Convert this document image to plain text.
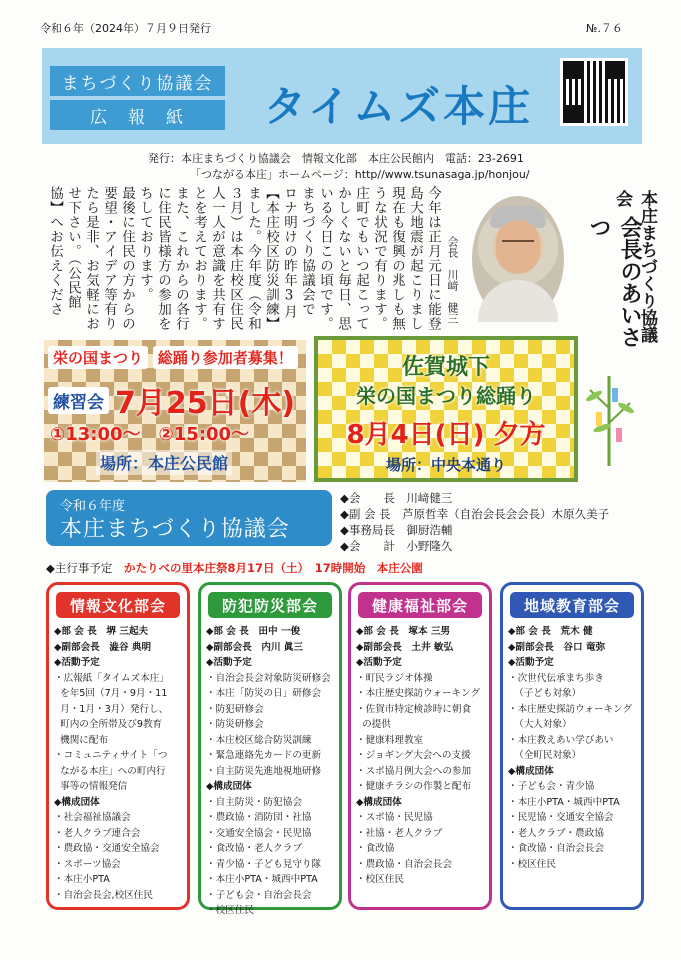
令和６年（2024年）７月９日発行	№.７６
まちづくり協議会
広　報　紙	タイムズ本庄
発行：本庄まちづくり協議会　情報文化部　本庄公民館内　電話：23-2691
「つながる本庄」ホームページ：http//www.tsunasaga.jp/honjou/
今年は正月元日に能登
島大地震が起こりまし
現在も復興の兆しも無
うな状況で有ります。
庄町でもいつ起こって
かしくないと毎日、思
いる今日この頃です。
まちづくり協議会で
ロナ明けの昨年3月
【本庄校区防災訓練】
ました。今年度（令和
３月）は本庄校区住民
人一人が意識を共有す
とを考えております。
また、これからの各行
に住民皆様方の参加を
ちしております。
最後に住民の方からの
要望・アイデア等有り
たら是非、お気軽にお
せ下さい。（公民館
協】へお伝えくださ	会長　川﨑　健三	本庄まちづくり協議会
会長のあいさつ
栄の国まつり 総踊り参加者募集！
練習会 7月25日(木)
①13:00～　②15:00～
場所：本庄公民館
佐賀城下
栄の国まつり総踊り
8月4日(日) 夕方
場所：中央本通り
令和６年度
本庄まちづくり協議会
◆会　　長　川﨑健三
◆副 会 長　芦原哲幸（自治会長会会長）木原久美子
◆事務局長　御厨浩輔
◆会　　計　小野隆久
◆主行事予定 かたりべの里本庄祭8月17日（土）　17時開始　本庄公園
情報文化部会
◆部 会 長　堺 三起夫
◆副部会長　澁谷 典明
◆活動予定
・広報紙「タイムズ本庄」
を年5回（7月・9月・11
月・1月・3月）発行し、
町内の全所帯及び9教育
機関に配布
・コミュニティサイト「つ
ながる本庄」への町内行
事等の情報発信
◆構成団体
・社会福祉協議会
・老人クラブ連合会
・農政協・交通安全協会
・スポーツ協会
・本庄小PTA
・自治会長会,校区住民
防犯防災部会
◆部 会 長　田中 一俊
◆副部会長　内川 眞三
◆活動予定
・自治会長会対象防災研修会
・本庄「防災の日」研修会
・防犯研修会
・防災研修会
・本庄校区総合防災訓練
・緊急連絡先カードの更新
・自主防災先進地視地研修
◆構成団体
・自主防災・防犯協会
・農政協・消防団・社協
・交通安全協会・民児協
・食改協・老人クラブ
・青少協・子ども見守り隊
・本庄小PTA・城西中PTA
・子ども会・自治会長会
・校区住民
健康福祉部会
◆部 会 長　塚本 三男
◆副部会長　土井 敏弘
◆活動予定
・町民ラジオ体操
・本庄歴史探訪ウォーキング
・佐賀市特定検診時に朝食
の提供
・健康料理教室
・ジョギング大会への支援
・スポ協月例大会への参加
・健康チラシの作製と配布
◆構成団体
・スポ協・民児協
・社協・老人クラブ
・食改協
・農政協・自治会長会
・校区住民
地域教育部会
◆部 会 長　荒木 健
◆副部会長　谷口 竜弥
◆活動予定
・次世代伝承まち歩き
（子ども対象）
・本庄歴史探訪ウォーキング
（大人対象）
・本庄教えあい学びあい
（全町民対象）
◆構成団体
・子ども会・青少協
・本庄小PTA・城西中PTA
・民児協・交通安全協会
・老人クラブ・農政協
・食改協・自治会長会
・校区住民
